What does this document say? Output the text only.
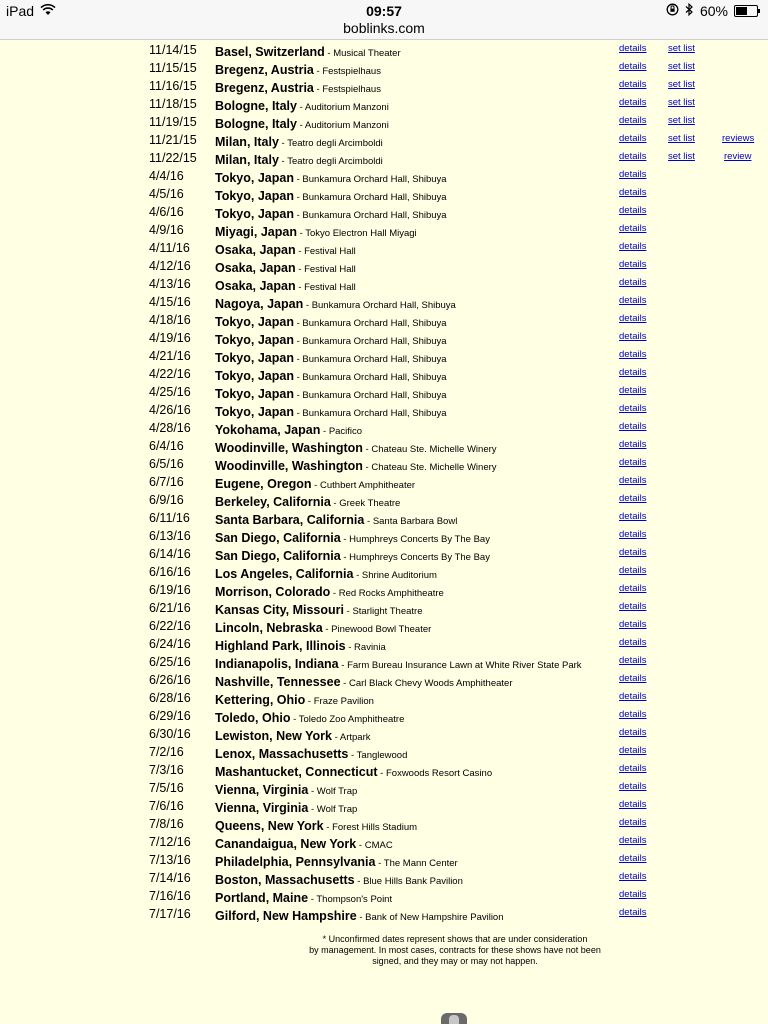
iPad	09:57
boblinks.com
60%
11/14/15 Basel, Switzerland - Musical Theater	details set list
11/15/15 Bregenz, Austria - Festspielhaus	details set list
11/16/15 Bregenz, Austria - Festspielhaus	details set list
11/18/15 Bologne, Italy - Auditorium Manzoni	details set list
11/19/15 Bologne, Italy - Auditorium Manzoni	details set list
11/21/15 Milan, Italy - Teatro degli Arcimboldi	details set list	reviews
11/22/15 Milan, Italy - Teatro degli Arcimboldi	details set list	review
4/4/16 Tokyo, Japan - Bunkamura Orchard Hall, Shibuya	details
4/5/16 Tokyo, Japan - Bunkamura Orchard Hall, Shibuya	details
4/6/16 Tokyo, Japan - Bunkamura Orchard Hall, Shibuya	details
4/9/16 Miyagi, Japan - Tokyo Electron Hall Miyagi	details
4/11/16 Osaka, Japan - Festival Hall	details
4/12/16 Osaka, Japan - Festival Hall	details
4/13/16 Osaka, Japan - Festival Hall	details
4/15/16 Nagoya, Japan - Bunkamura Orchard Hall, Shibuya	details
4/18/16 Tokyo, Japan - Bunkamura Orchard Hall, Shibuya	details
4/19/16 Tokyo, Japan - Bunkamura Orchard Hall, Shibuya	details
4/21/16 Tokyo, Japan - Bunkamura Orchard Hall, Shibuya	details
4/22/16 Tokyo, Japan - Bunkamura Orchard Hall, Shibuya	details
4/25/16 Tokyo, Japan - Bunkamura Orchard Hall, Shibuya	details
4/26/16 Tokyo, Japan - Bunkamura Orchard Hall, Shibuya	details
4/28/16 Yokohama, Japan - Pacifico	details
6/4/16 Woodinville, Washington - Chateau Ste. Michelle Winery	details
6/5/16 Woodinville, Washington - Chateau Ste. Michelle Winery	details
6/7/16 Eugene, Oregon - Cuthbert Amphitheater	details
6/9/16 Berkeley, California - Greek Theatre	details
6/11/16 Santa Barbara, California - Santa Barbara Bowl	details
6/13/16 San Diego, California - Humphreys Concerts By The Bay	details
6/14/16 San Diego, California - Humphreys Concerts By The Bay	details
6/16/16 Los Angeles, California - Shrine Auditorium	details
6/19/16 Morrison, Colorado - Red Rocks Amphitheatre	details
6/21/16 Kansas City, Missouri - Starlight Theatre	details
6/22/16 Lincoln, Nebraska - Pinewood Bowl Theater	details
6/24/16 Highland Park, Illinois - Ravinia	details
6/25/16 Indianapolis, Indiana - Farm Bureau Insurance Lawn at White River State Park	details
6/26/16 Nashville, Tennessee - Carl Black Chevy Woods Amphitheater	details
6/28/16 Kettering, Ohio - Fraze Pavilion	details
6/29/16 Toledo, Ohio - Toledo Zoo Amphitheatre	details
6/30/16 Lewiston, New York - Artpark	details
7/2/16 Lenox, Massachusetts - Tanglewood	details
7/3/16 Mashantucket, Connecticut - Foxwoods Resort Casino	details
7/5/16 Vienna, Virginia - Wolf Trap	details
7/6/16 Vienna, Virginia - Wolf Trap	details
7/8/16 Queens, New York - Forest Hills Stadium	details
7/12/16 Canandaigua, New York - CMAC	details
7/13/16 Philadelphia, Pennsylvania - The Mann Center	details
7/14/16 Boston, Massachusetts - Blue Hills Bank Pavilion	details
7/16/16 Portland, Maine - Thompson's Point	details
7/17/16 Gilford, New Hampshire - Bank of New Hampshire Pavilion	details
* Unconfirmed dates represent shows that are under consideration
by management. In most cases, contracts for these shows have not been
signed, and they may or may not happen.
